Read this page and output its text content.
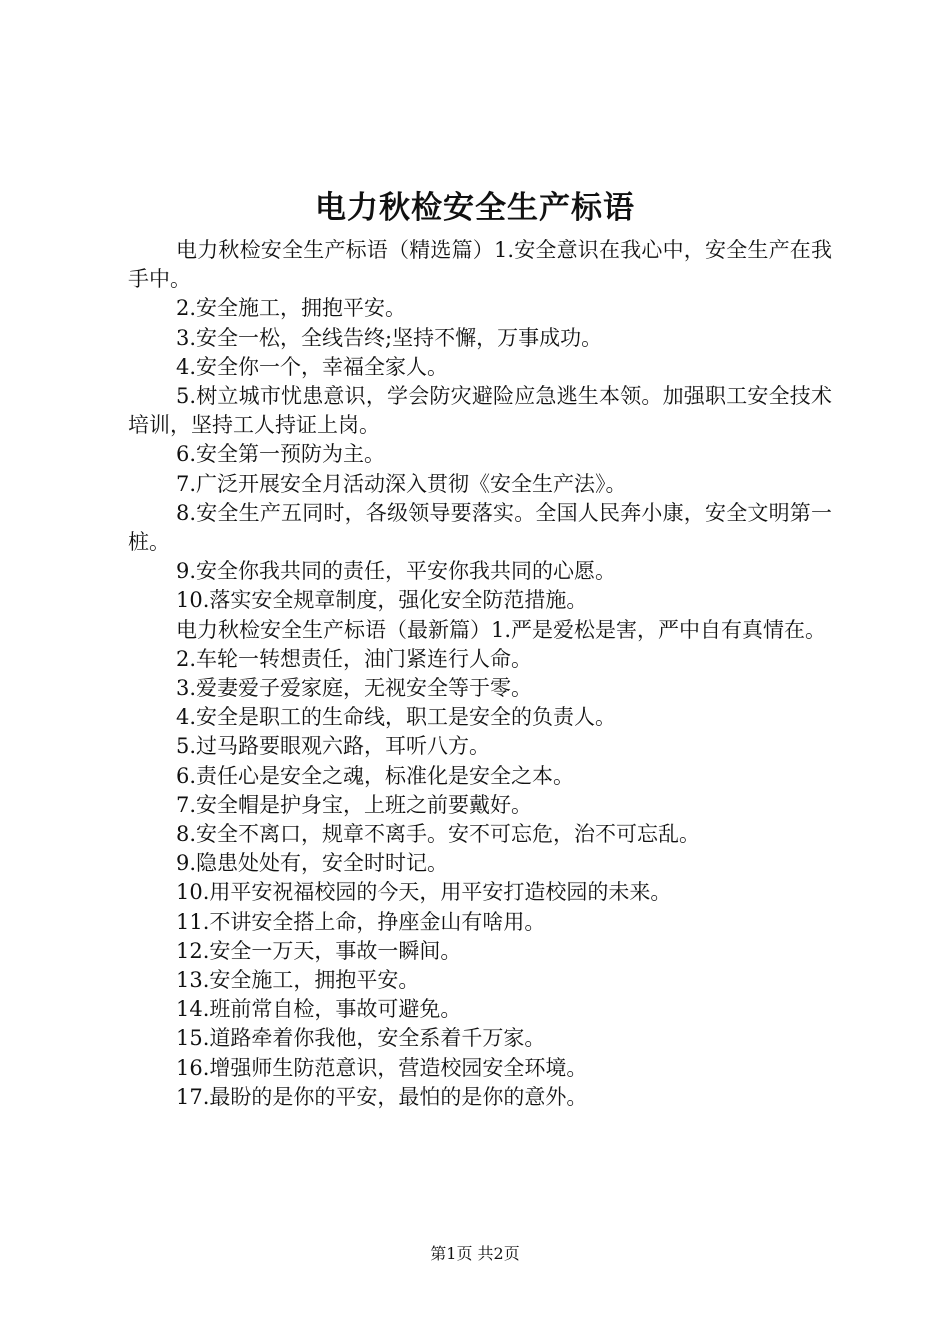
电力秋检安全生产标语

电力秋检安全生产标语（精选篇）1.安全意识在我心中，安全生产在我手中。

2.安全施工，拥抱平安。

3.安全一松，全线告终;坚持不懈，万事成功。

4.安全你一个，幸福全家人。

5.树立城市忧患意识，学会防灾避险应急逃生本领。加强职工安全技术培训，坚持工人持证上岗。

6.安全第一预防为主。

7.广泛开展安全月活动深入贯彻《安全生产法》。

8.安全生产五同时，各级领导要落实。全国人民奔小康，安全文明第一桩。

9.安全你我共同的责任，平安你我共同的心愿。

10.落实安全规章制度，强化安全防范措施。

电力秋检安全生产标语（最新篇）1.严是爱松是害，严中自有真情在。

2.车轮一转想责任，油门紧连行人命。

3.爱妻爱子爱家庭，无视安全等于零。

4.安全是职工的生命线，职工是安全的负责人。

5.过马路要眼观六路，耳听八方。

6.责任心是安全之魂，标准化是安全之本。

7.安全帽是护身宝，上班之前要戴好。

8.安全不离口，规章不离手。安不可忘危，治不可忘乱。

9.隐患处处有，安全时时记。

10.用平安祝福校园的今天，用平安打造校园的未来。

11.不讲安全搭上命，挣座金山有啥用。

12.安全一万天，事故一瞬间。

13.安全施工，拥抱平安。

14.班前常自检，事故可避免。

15.道路牵着你我他，安全系着千万家。

16.增强师生防范意识，营造校园安全环境。

17.最盼的是你的平安，最怕的是你的意外。

第1页 共2页
